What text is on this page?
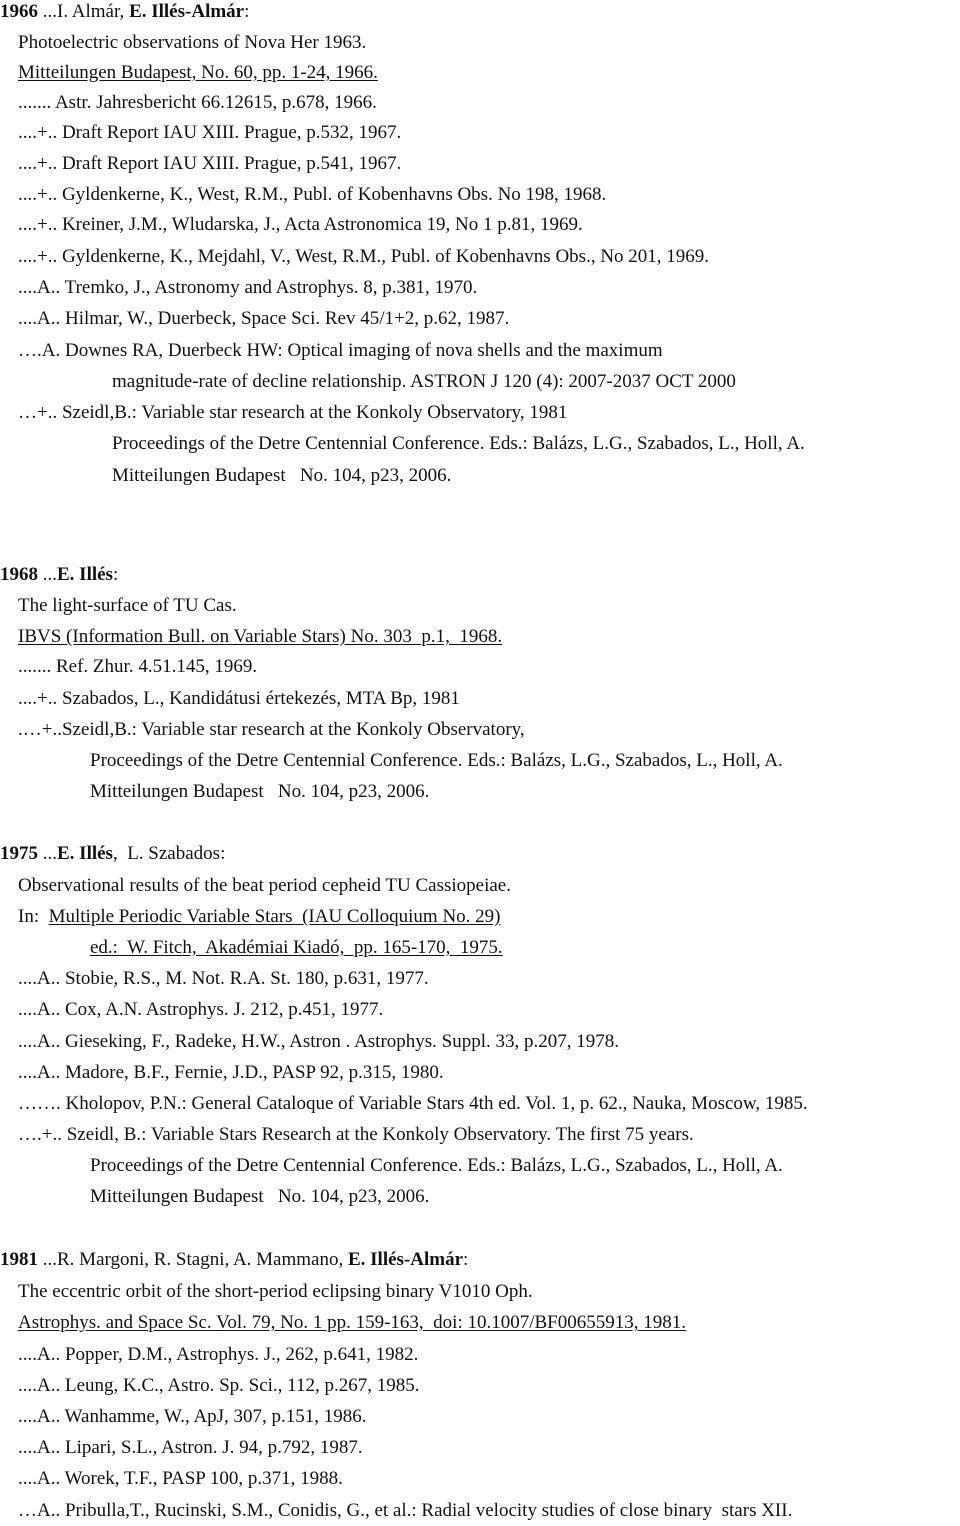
1966 ...I. Almár, E. Illés-Almár:
Photoelectric observations of Nova Her 1963.
Mitteilungen Budapest, No. 60, pp. 1-24, 1966.
....... Astr. Jahresbericht 66.12615, p.678, 1966.
....+.. Draft Report IAU XIII. Prague, p.532, 1967.
....+.. Draft Report IAU XIII. Prague, p.541, 1967.
....+.. Gyldenkerne, K., West, R.M., Publ. of Kobenhavns Obs. No 198, 1968.
....+.. Kreiner, J.M., Wludarska, J., Acta Astronomica 19, No 1 p.81, 1969.
....+.. Gyldenkerne, K., Mejdahl, V., West, R.M., Publ. of Kobenhavns Obs., No 201, 1969.
....A.. Tremko, J., Astronomy and Astrophys. 8, p.381, 1970.
....A.. Hilmar, W., Duerbeck, Space Sci. Rev 45/1+2, p.62, 1987.
….A. Downes RA, Duerbeck HW: Optical imaging of nova shells and the maximum
magnitude-rate of decline relationship. ASTRON J 120 (4): 2007-2037 OCT 2000
…+.. Szeidl,B.: Variable star research at the Konkoly Observatory, 1981
Proceedings of the Detre Centennial Conference. Eds.: Balázs, L.G., Szabados, L., Holl, A.
Mitteilungen Budapest   No. 104, p23, 2006.
1968 ...E. Illés:
The light-surface of TU Cas.
IBVS (Information Bull. on Variable Stars) No. 303  p.1,  1968.
....... Ref. Zhur. 4.51.145, 1969.
....+.. Szabados, L., Kandidátusi értekezés, MTA Bp, 1981
.…+..Szeidl,B.: Variable star research at the Konkoly Observatory,
Proceedings of the Detre Centennial Conference. Eds.: Balázs, L.G., Szabados, L., Holl, A.
Mitteilungen Budapest   No. 104, p23, 2006.
1975 ...E. Illés,  L. Szabados:
Observational results of the beat period cepheid TU Cassiopeiae.
In:  Multiple Periodic Variable Stars  (IAU Colloquium No. 29)
ed.:  W. Fitch,  Akadémiai Kiadó,  pp. 165-170,  1975.
....A.. Stobie, R.S., M. Not. R.A. St. 180, p.631, 1977.
....A.. Cox, A.N. Astrophys. J. 212, p.451, 1977.
....A.. Gieseking, F., Radeke, H.W., Astron . Astrophys. Suppl. 33, p.207, 1978.
....A.. Madore, B.F., Fernie, J.D., PASP 92, p.315, 1980.
……. Kholopov, P.N.: General Cataloque of Variable Stars 4th ed. Vol. 1, p. 62., Nauka, Moscow, 1985.
….+.. Szeidl, B.: Variable Stars Research at the Konkoly Observatory. The first 75 years.
Proceedings of the Detre Centennial Conference. Eds.: Balázs, L.G., Szabados, L., Holl, A.
Mitteilungen Budapest   No. 104, p23, 2006.
1981 ...R. Margoni, R. Stagni, A. Mammano, E. Illés-Almár:
The eccentric orbit of the short-period eclipsing binary V1010 Oph.
Astrophys. and Space Sc. Vol. 79, No. 1 pp. 159-163,  doi: 10.1007/BF00655913, 1981.
....A.. Popper, D.M., Astrophys. J., 262, p.641, 1982.
....A.. Leung, K.C., Astro. Sp. Sci., 112, p.267, 1985.
....A.. Wanhamme, W., ApJ, 307, p.151, 1986.
....A.. Lipari, S.L., Astron. J. 94, p.792, 1987.
....A.. Worek, T.F., PASP 100, p.371, 1988.
…A.. Pribulla,T., Rucinski, S.M., Conidis, G., et al.: Radial velocity studies of close binary  stars XII.
